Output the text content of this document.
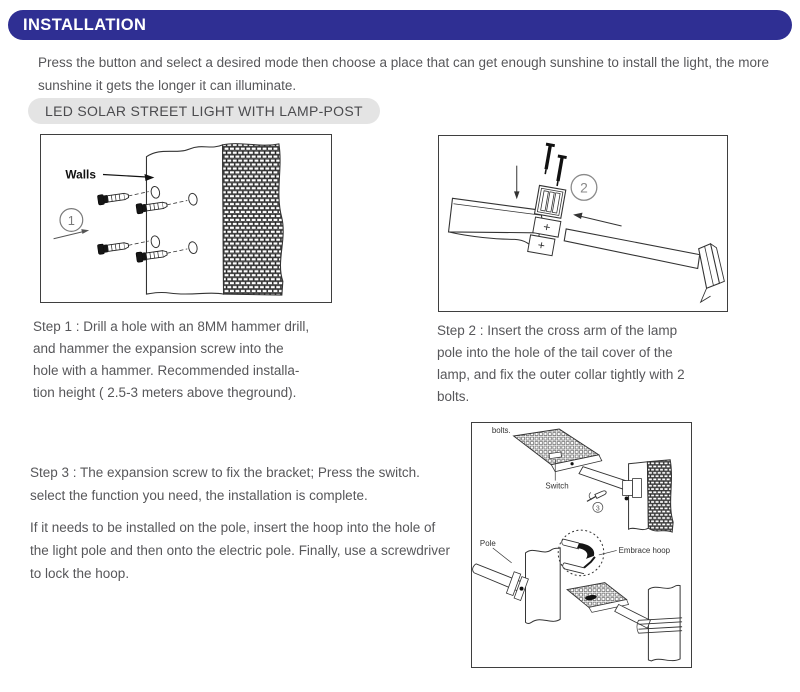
INSTALLATION
Press the button and select a desired mode then choose a place that can get enough sunshine to install the light, the more
sunshine it gets the longer it can illuminate.
LED SOLAR STREET LIGHT WITH LAMP-POST
Walls
1
2
Step 1 : Drill a hole with an 8MM hammer drill,
and hammer the expansion screw into the
hole with a hammer. Recommended installa-
tion height ( 2.5-3 meters above theground).
Step 2 : Insert the cross arm of the lamp
pole into the hole of the tail cover of the
lamp, and fix the outer collar tightly with 2
bolts.
Step 3 : The expansion screw to fix the bracket; Press the switch.
select the function you need, the installation is complete.
If it needs to be installed on the pole, insert the hoop into the hole of
the light pole and then onto the electric pole. Finally, use a screwdriver
to lock the hoop.
bolts.
Switch
3
Pole
Embrace hoop
